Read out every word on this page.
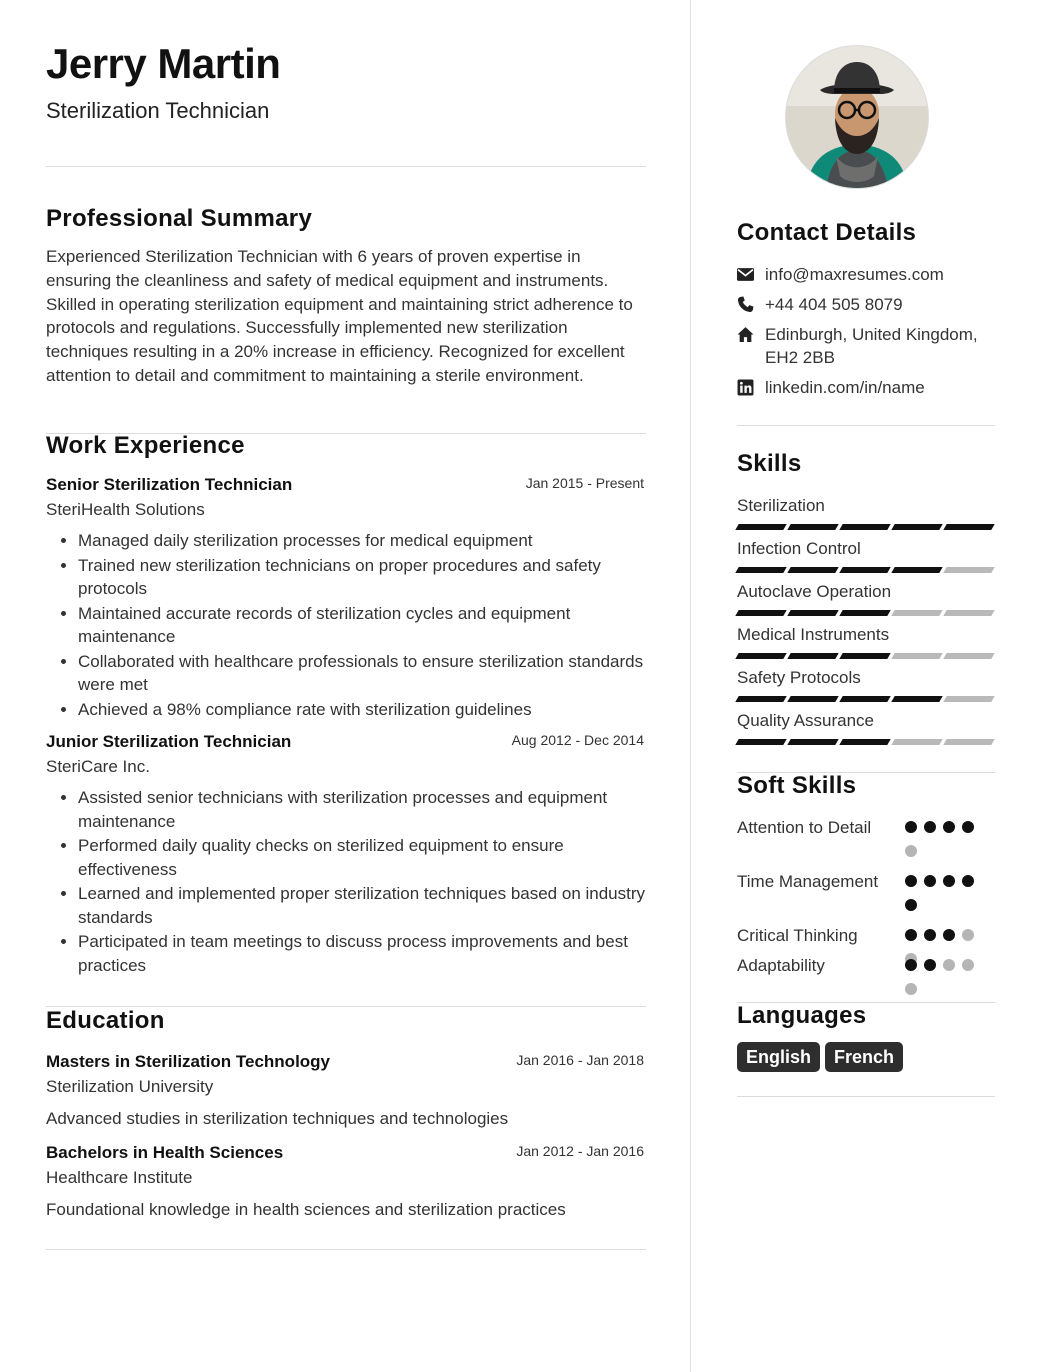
Jerry Martin
Sterilization Technician
Professional Summary
Experienced Sterilization Technician with 6 years of proven expertise in ensuring the cleanliness and safety of medical equipment and instruments. Skilled in operating sterilization equipment and maintaining strict adherence to protocols and regulations. Successfully implemented new sterilization techniques resulting in a 20% increase in efficiency. Recognized for excellent attention to detail and commitment to maintaining a sterile environment.
Work Experience
Senior Sterilization Technician	Jan 2015 - Present
SteriHealth Solutions
• Managed daily sterilization processes for medical equipment
• Trained new sterilization technicians on proper procedures and safety protocols
• Maintained accurate records of sterilization cycles and equipment maintenance
• Collaborated with healthcare professionals to ensure sterilization standards were met
• Achieved a 98% compliance rate with sterilization guidelines
Junior Sterilization Technician	Aug 2012 - Dec 2014
SteriCare Inc.
• Assisted senior technicians with sterilization processes and equipment maintenance
• Performed daily quality checks on sterilized equipment to ensure effectiveness
• Learned and implemented proper sterilization techniques based on industry standards
• Participated in team meetings to discuss process improvements and best practices
Education
Masters in Sterilization Technology	Jan 2016 - Jan 2018
Sterilization University
Advanced studies in sterilization techniques and technologies
Bachelors in Health Sciences	Jan 2012 - Jan 2016
Healthcare Institute
Foundational knowledge in health sciences and sterilization practices
Contact Details
info@maxresumes.com
+44 404 505 8079
Edinburgh, United Kingdom,
EH2 2BB
linkedin.com/in/name
Skills
Sterilization
Infection Control
Autoclave Operation
Medical Instruments
Safety Protocols
Quality Assurance
Soft Skills
Attention to Detail
Time Management
Critical Thinking
Adaptability
Languages
English	French
